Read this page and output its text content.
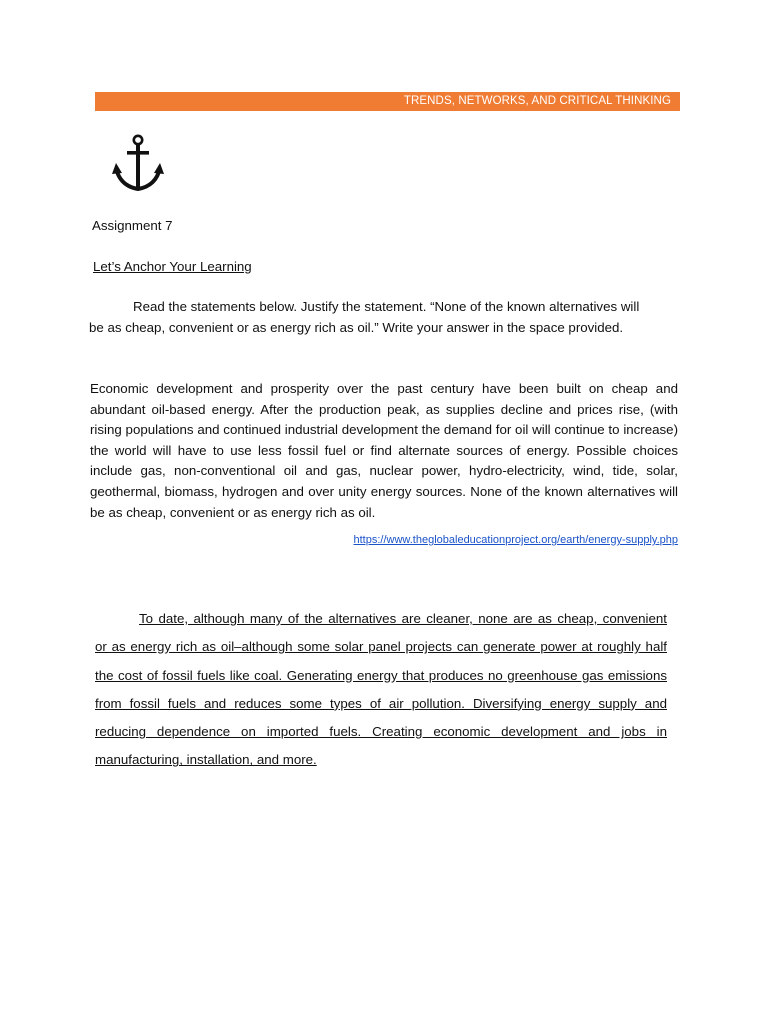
TRENDS, NETWORKS, AND CRITICAL THINKING
Assignment 7
Let’s Anchor Your Learning
Read the statements below. Justify the statement. “None of the known alternatives will
be as cheap, convenient or as energy rich as oil.” Write your answer in the space provided.

Economic development and prosperity over the past century have been built on cheap and abundant oil-based energy. After the production peak, as supplies decline and prices rise, (with rising populations and continued industrial development the demand for oil will continue to increase) the world will have to use less fossil fuel or find alternate sources of energy. Possible choices include gas, non-conventional oil and gas, nuclear power, hydro-electricity, wind, tide, solar, geothermal, biomass, hydrogen and over unity energy sources. None of the known alternatives will be as cheap, convenient or as energy rich as oil.

https://www.theglobaleducationproject.org/earth/energy-supply.php
To date, although many of the alternatives are cleaner, none are as cheap, convenient
or as energy rich as oil–although some solar panel projects can generate power at roughly half
the cost of fossil fuels like coal. Generating energy that produces no greenhouse gas emissions
from fossil fuels and reduces some types of air pollution. Diversifying energy supply and
reducing dependence on imported fuels. Creating economic development and jobs in
manufacturing, installation, and more.
